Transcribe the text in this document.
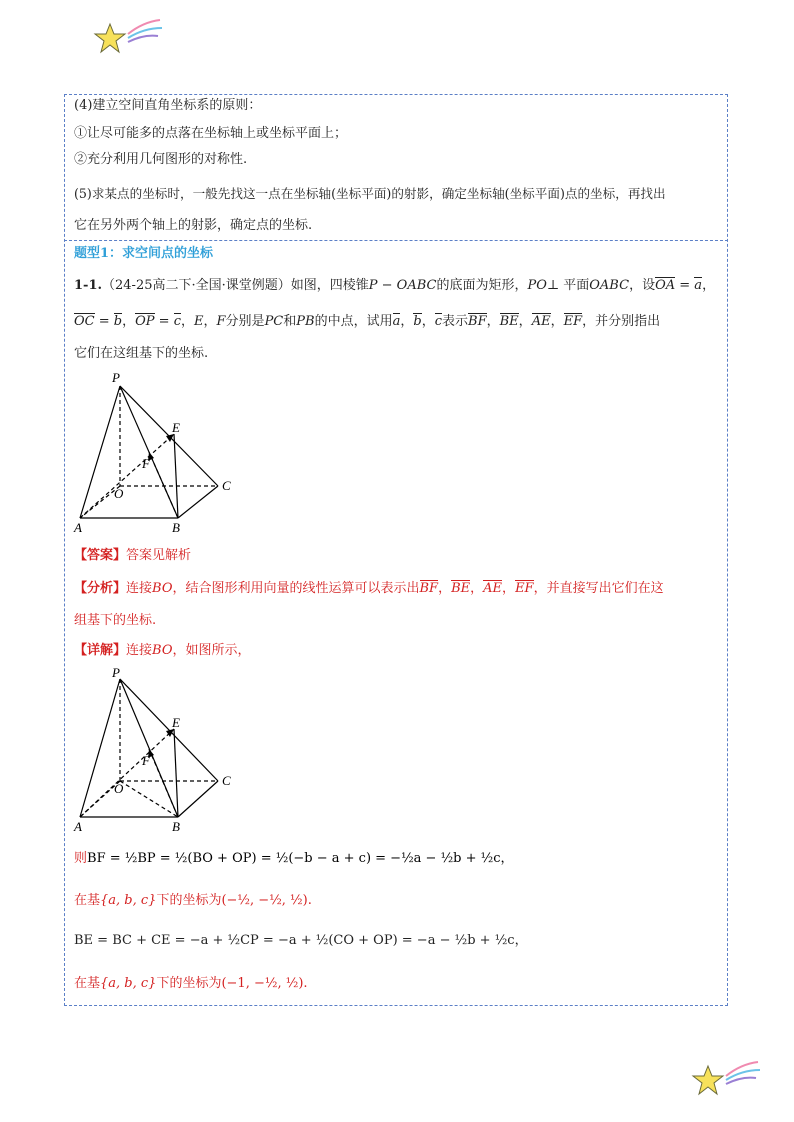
(4)建立空间直角坐标系的原则：
①让尽可能多的点落在坐标轴上或坐标平面上；
②充分利用几何图形的对称性.
(5)求某点的坐标时，一般先找这一点在坐标轴(坐标平面)的射影，确定坐标轴(坐标平面)点的坐标，再找出
它在另外两个轴上的射影，确定点的坐标.
题型1：求空间点的坐标
1-1.（24-25高二下·全国·课堂例题）如图，四棱锥P − OABC的底面为矩形，PO⊥ 平面OABC，设OA = a，
OC = b，OP = c，E，F分别是PC和PB的中点，试用a，b，c表示BF，BE，AE，EF，并分别指出
它们在这组基下的坐标.
P
E
F
O
C
A	B
【答案】答案见解析
【分析】连接BO，结合图形利用向量的线性运算可以表示出BF，BE，AE，EF，并直接写出它们在这
组基下的坐标.
【详解】连接BO，如图所示，
P
E
F
O
C
A	B
则BF = ½BP = ½(BO + OP) = ½(−b − a + c) = −½a − ½b + ½c，
在基{a, b, c}下的坐标为(−½, −½, ½).
BE = BC + CE = −a + ½CP = −a + ½(CO + OP) = −a − ½b + ½c，
在基{a, b, c}下的坐标为(−1, −½, ½).
